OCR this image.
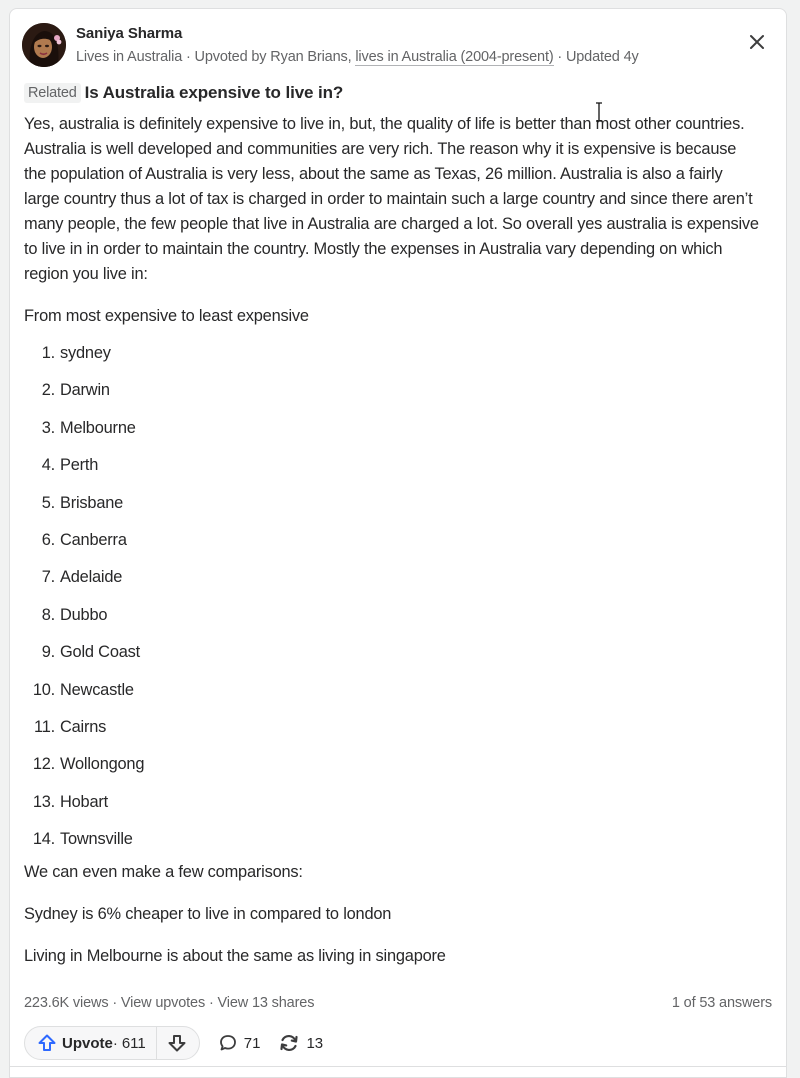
Saniya Sharma
Lives in Australia · Upvoted by Ryan Brians, lives in Australia (2004-present) · Updated 4y
Related Is Australia expensive to live in?

Yes, australia is definitely expensive to live in, but, the quality of life is better than most other countries. Australia is well developed and communities are very rich. The reason why it is expensive is because the population of Australia is very less, about the same as Texas, 26 million. Australia is also a fairly large country thus a lot of tax is charged in order to maintain such a large country and since there aren’t many people, the few people that live in Australia are charged a lot. So overall yes australia is expensive to live in in order to maintain the country. Mostly the expenses in Australia vary depending on which region you live in:

From most expensive to least expensive

1. sydney
2. Darwin
3. Melbourne
4. Perth
5. Brisbane
6. Canberra
7. Adelaide
8. Dubbo
9. Gold Coast
10. Newcastle
11. Cairns
12. Wollongong
13. Hobart
14. Townsville

We can even make a few comparisons:

Sydney is 6% cheaper to live in compared to london

Living in Melbourne is about the same as living in singapore

223.6K views · View upvotes · View 13 shares	1 of 53 answers
Upvote · 611	71	13
